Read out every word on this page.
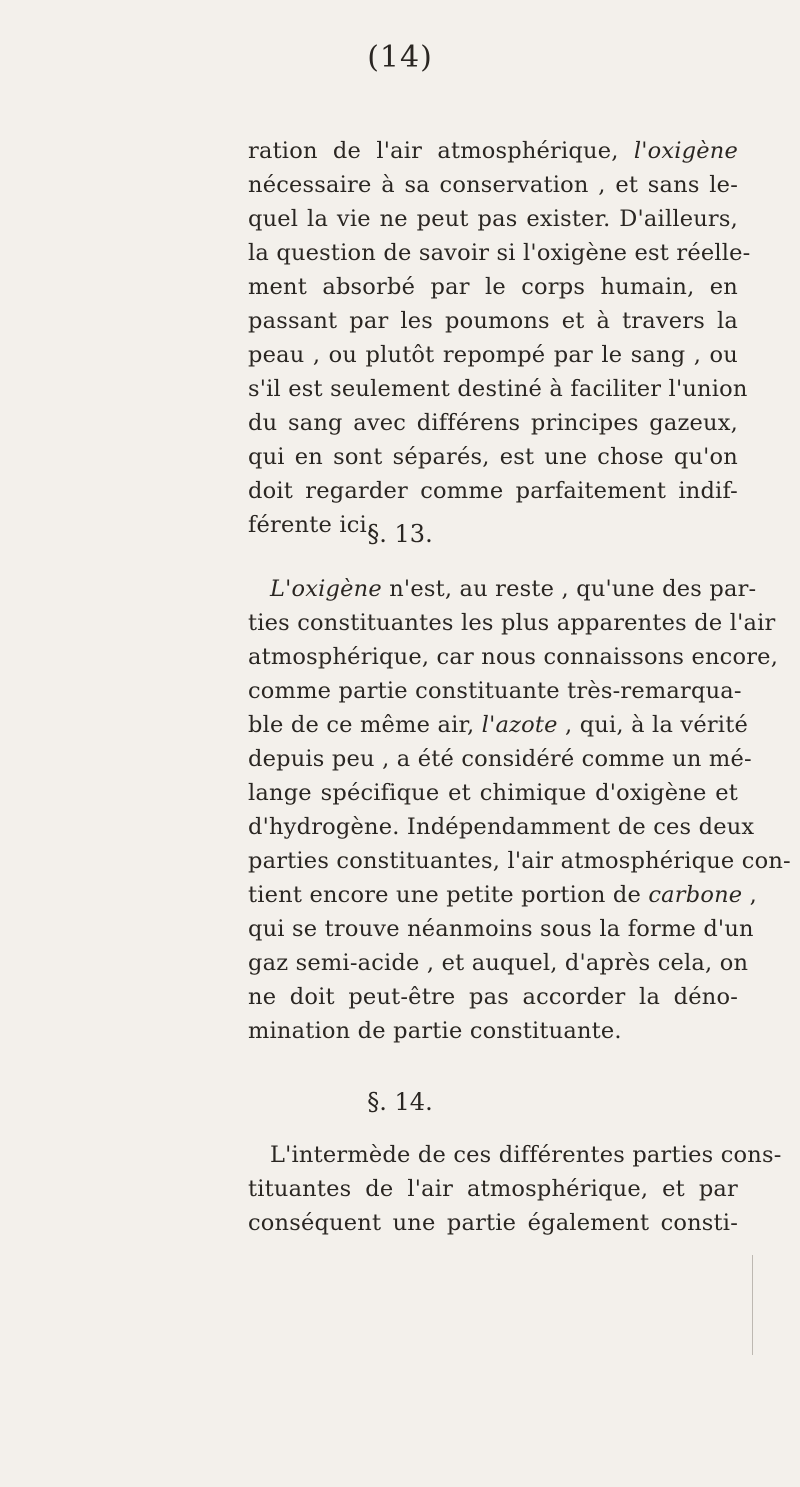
(14)
ration de l'air atmosphérique, l'oxigène
nécessaire à sa conservation , et sans le-
quel la vie ne peut pas exister. D'ailleurs,
la question de savoir si l'oxigène est réelle-
ment absorbé par le corps humain, en
passant par les poumons et à travers la
peau , ou plutôt repompé par le sang , ou
s'il est seulement destiné à faciliter l'union
du sang avec différens principes gazeux,
qui en sont séparés, est une chose qu'on
doit regarder comme parfaitement indif-
férente ici.
§. 13.
L'oxigène n'est, au reste , qu'une des par-
ties constituantes les plus apparentes de l'air
atmosphérique, car nous connaissons encore,
comme partie constituante très-remarqua-
ble de ce même air, l'azote , qui, à la vérité
depuis peu , a été considéré comme un mé-
lange spécifique et chimique d'oxigène et
d'hydrogène. Indépendamment de ces deux
parties constituantes, l'air atmosphérique con-
tient encore une petite portion de carbone ,
qui se trouve néanmoins sous la forme d'un
gaz semi-acide , et auquel, d'après cela, on
ne doit peut-être pas accorder la déno-
mination de partie constituante.
§. 14.
L'intermède de ces différentes parties cons-
tituantes de l'air atmosphérique, et par
conséquent une partie également consti-
